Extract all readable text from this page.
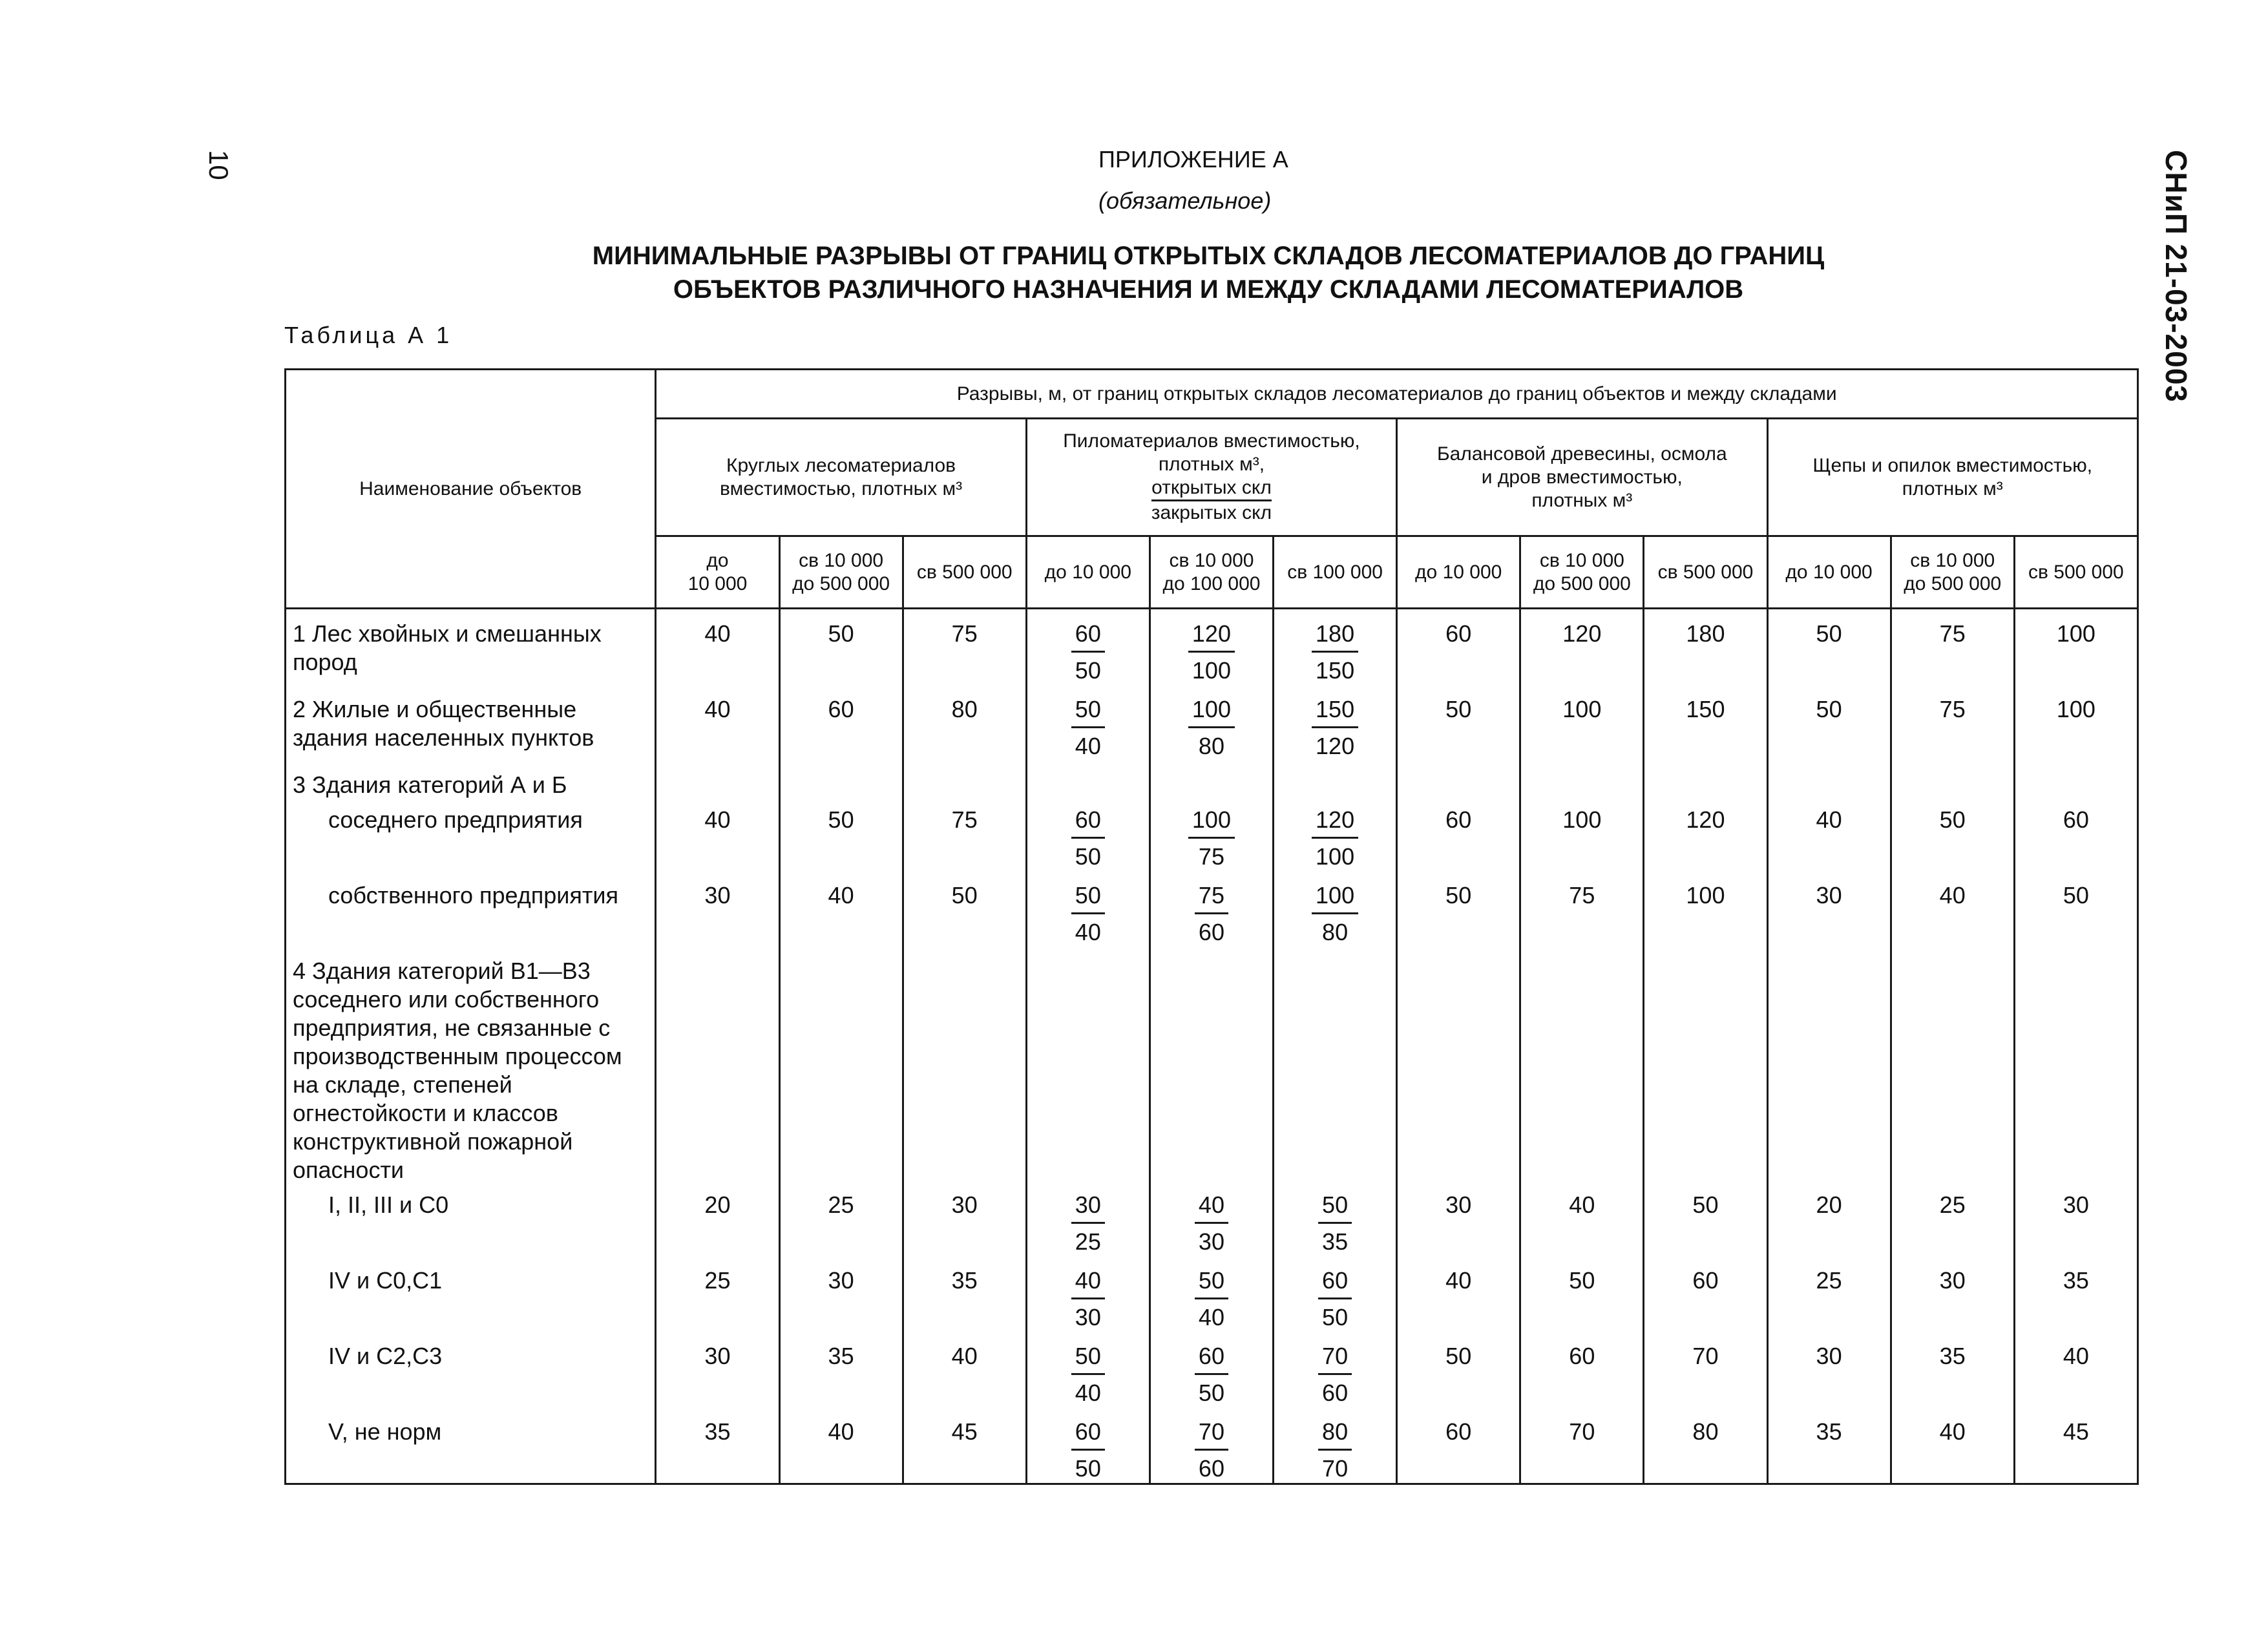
10	СНиП 21-03-2003
ПРИЛОЖЕНИЕ А
(обязательное)
МИНИМАЛЬНЫЕ РАЗРЫВЫ ОТ ГРАНИЦ ОТКРЫТЫХ СКЛАДОВ ЛЕСОМАТЕРИАЛОВ ДО ГРАНИЦ
ОБЪЕКТОВ РАЗЛИЧНОГО НАЗНАЧЕНИЯ И МЕЖДУ СКЛАДАМИ ЛЕСОМАТЕРИАЛОВ
Таблица А 1
Наименование объектов	Разрывы, м, от границ открытых складов лесоматериалов до границ объектов и между складами											
	Круглых лесоматериалов
вместимостью, плотных м³			Пиломатериалов вместимостью,
плотных м³,
открытых скл
закрытых скл			Балансовой древесины, осмола
и дров вместимостью,
плотных м³			Щепы и опилок вместимостью,
плотных м³		
	до
10 000	св 10 000
до 500 000	св 500 000	до 10 000	св 10 000
до 100 000	св 100 000	до 10 000	св 10 000
до 500 000	св 500 000	до 10 000	св 10 000
до 500 000	св 500 000
1 Лес хвойных и смешанных пород	40	50	75	$\frac{60}{50}$	$\frac{120}{100}$	$\frac{180}{150}$	60	120	180	50	75	100
2 Жилые и общественные здания населенных пунктов	40	60	80	$\frac{50}{40}$	$\frac{100}{80}$	$\frac{150}{120}$	50	100	150	50	75	100
3 Здания категорий А и Б												
соседнего предприятия	40	50	75	$\frac{60}{50}$	$\frac{100}{75}$	$\frac{120}{100}$	60	100	120	40	50	60
собственного предприятия	30	40	50	$\frac{50}{40}$	$\frac{75}{60}$	$\frac{100}{80}$	50	75	100	30	40	50
4 Здания категорий В1—В3 соседнего или собственного предприятия, не связанные с производственным процессом на складе, степеней огнестойкости и классов конструктивной пожарной опасности												
I, II, III и С0	20	25	30	$\frac{30}{25}$	$\frac{40}{30}$	$\frac{50}{35}$	30	40	50	20	25	30
IV и С0,С1	25	30	35	$\frac{40}{30}$	$\frac{50}{40}$	$\frac{60}{50}$	40	50	60	25	30	35
IV и С2,С3	30	35	40	$\frac{50}{40}$	$\frac{60}{50}$	$\frac{70}{60}$	50	60	70	30	35	40
V, не норм	35	40	45	$\frac{60}{50}$	$\frac{70}{60}$	$\frac{80}{70}$	60	70	80	35	40	45
